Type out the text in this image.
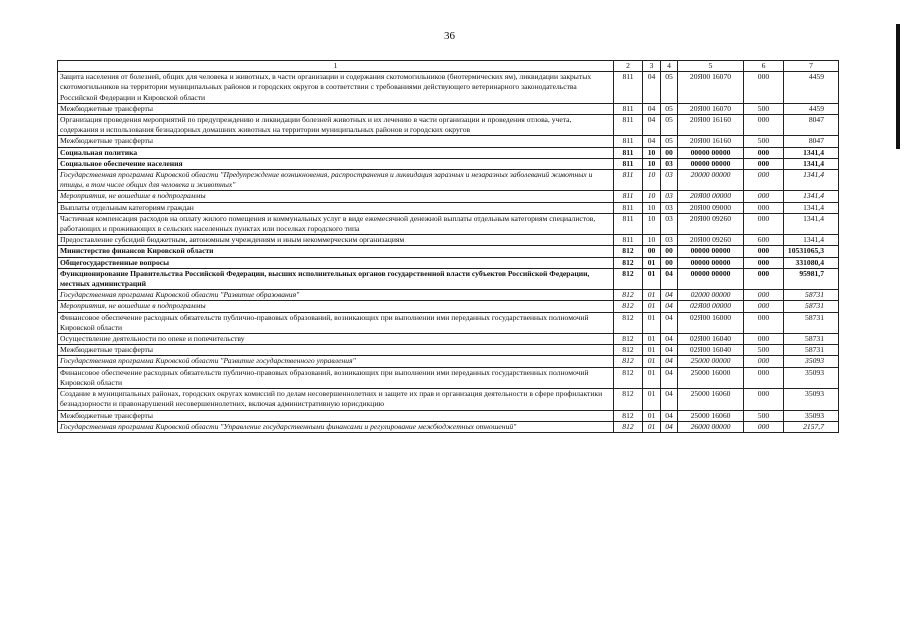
36
1	2	3	4	5	6	7
Защита населения от болезней, общих для человека и животных, в части организации и содержания скотомогильников (биотермических ям), ликвидации закрытых скотомогильников на территории муниципальных районов и городских округов в соответствии с требованиями действующего ветеринарного законодательства Российской Федерации и Кировской области	811	04	05	20Я00 16070	000	4459
Межбюджетные трансферты	811	04	05	20Я00 16070	500	4459
Организация проведения мероприятий по предупреждению и ликвидации болезней животных и их лечению в части организации и проведения отлова, учета, содержания и использования безнадзорных домашних животных на территории муниципальных районов и городских округов	811	04	05	20Я00 16160	000	8047
Межбюджетные трансферты	811	04	05	20Я00 16160	500	8047
Социальная политика	811	10	00	00000 00000	000	1341,4
Социальное обеспечение населения	811	10	03	00000 00000	000	1341,4
Государственная программа Кировской области "Предупреждение возникновения, распространения и ликвидация заразных и незаразных заболеваний животных и птицы, в том числе общих для человека и животных"	811	10	03	20000 00000	000	1341,4
Мероприятия, не вошедшие в подпрограммы	811	10	03	20Я00 00000	000	1341,4
Выплаты отдельным категориям граждан	811	10	03	20Я00 09000	000	1341,4
Частичная компенсация расходов на оплату жилого помещения и коммунальных услуг в виде ежемесячной денежной выплаты отдельным категориям специалистов, работающих и проживающих в сельских населенных пунктах или поселках городского типа	811	10	03	20Я00 09260	000	1341,4
Предоставление субсидий бюджетным, автономным учреждениям и иным некоммерческим организациям	811	10	03	20Я00 09260	600	1341,4
Министерство финансов Кировской области	812	00	00	00000 00000	000	10531065,3
Общегосударственные вопросы	812	01	00	00000 00000	000	331080,4
Функционирование Правительства Российской Федерации, высших исполнительных органов государственной власти субъектов Российской Федерации, местных администраций	812	01	04	00000 00000	000	95981,7
Государственная программа Кировской области "Развитие образования"	812	01	04	02000 00000	000	58731
Мероприятия, не вошедшие в подпрограммы	812	01	04	02Я00 00000	000	58731
Финансовое обеспечение расходных обязательств публично-правовых образований, возникающих при выполнении ими переданных государственных полномочий Кировской области	812	01	04	02Я00 16000	000	58731
Осуществление деятельности по опеке и попечительству	812	01	04	02Я00 16040	000	58731
Межбюджетные трансферты	812	01	04	02Я00 16040	500	58731
Государственная программа Кировской области "Развитие государственного управления"	812	01	04	25000 00000	000	35093
Финансовое обеспечение расходных обязательств публично-правовых образований, возникающих при выполнении ими переданных государственных полномочий Кировской области	812	01	04	25000 16000	000	35093
Создание в муниципальных районах, городских округах комиссий по делам несовершеннолетних и защите их прав и организация деятельности в сфере профилактики безнадзорности и правонарушений несовершеннолетних, включая административную юрисдикцию	812	01	04	25000 16060	000	35093
Межбюджетные трансферты	812	01	04	25000 16060	500	35093
Государственная программа Кировской области "Управление государственными финансами и регулирование межбюджетных отношений"	812	01	04	26000 00000	000	2157,7
